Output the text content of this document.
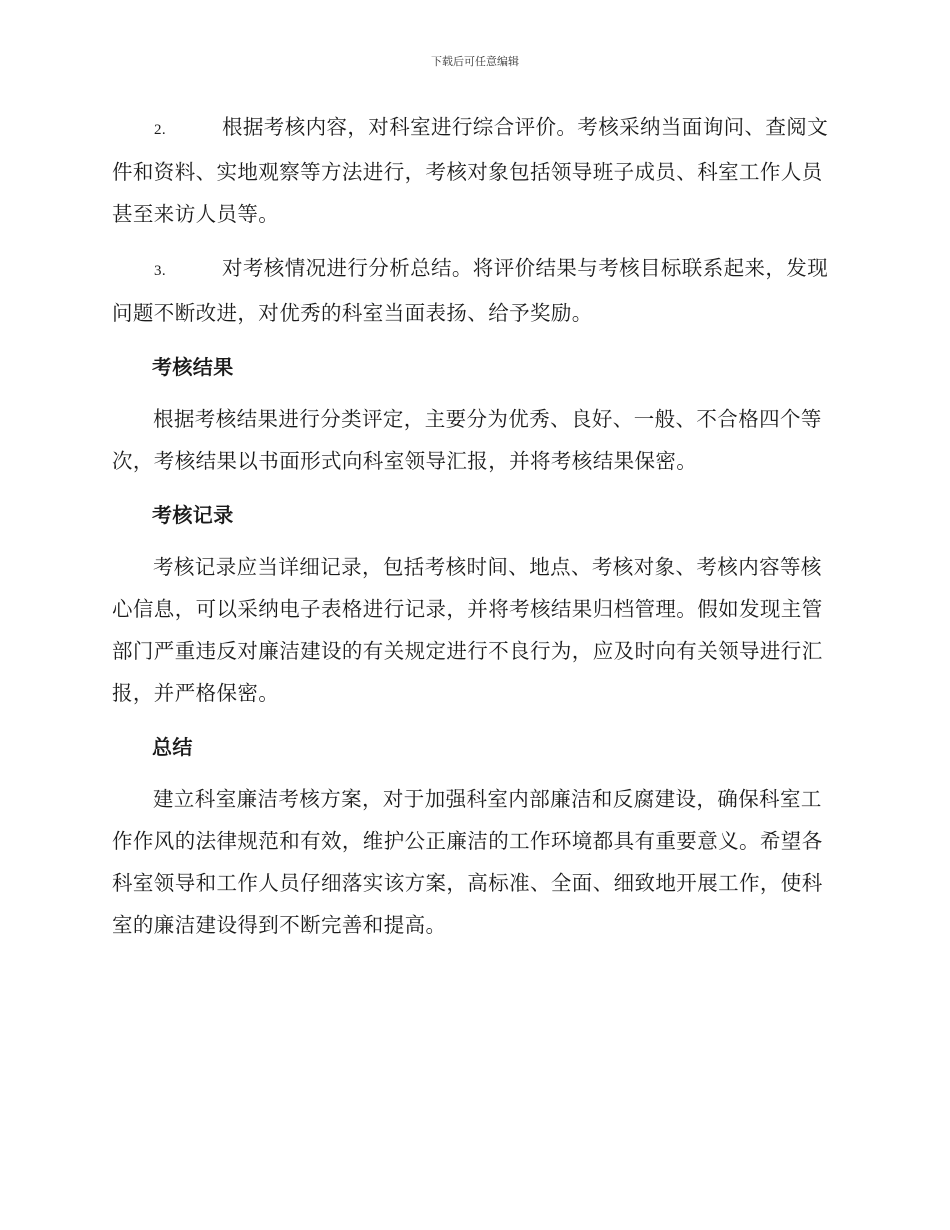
下载后可任意编辑

2.	根据考核内容，对科室进行综合评价。考核采纳当面询问、查阅文件和资料、实地观察等方法进行，考核对象包括领导班子成员、科室工作人员甚至来访人员等。

3.	对考核情况进行分析总结。将评价结果与考核目标联系起来，发现问题不断改进，对优秀的科室当面表扬、给予奖励。

考核结果

根据考核结果进行分类评定，主要分为优秀、良好、一般、不合格四个等次，考核结果以书面形式向科室领导汇报，并将考核结果保密。

考核记录

考核记录应当详细记录，包括考核时间、地点、考核对象、考核内容等核心信息，可以采纳电子表格进行记录，并将考核结果归档管理。假如发现主管部门严重违反对廉洁建设的有关规定进行不良行为，应及时向有关领导进行汇报，并严格保密。

总结

建立科室廉洁考核方案，对于加强科室内部廉洁和反腐建设，确保科室工作作风的法律规范和有效，维护公正廉洁的工作环境都具有重要意义。希望各科室领导和工作人员仔细落实该方案，高标准、全面、细致地开展工作，使科室的廉洁建设得到不断完善和提高。
